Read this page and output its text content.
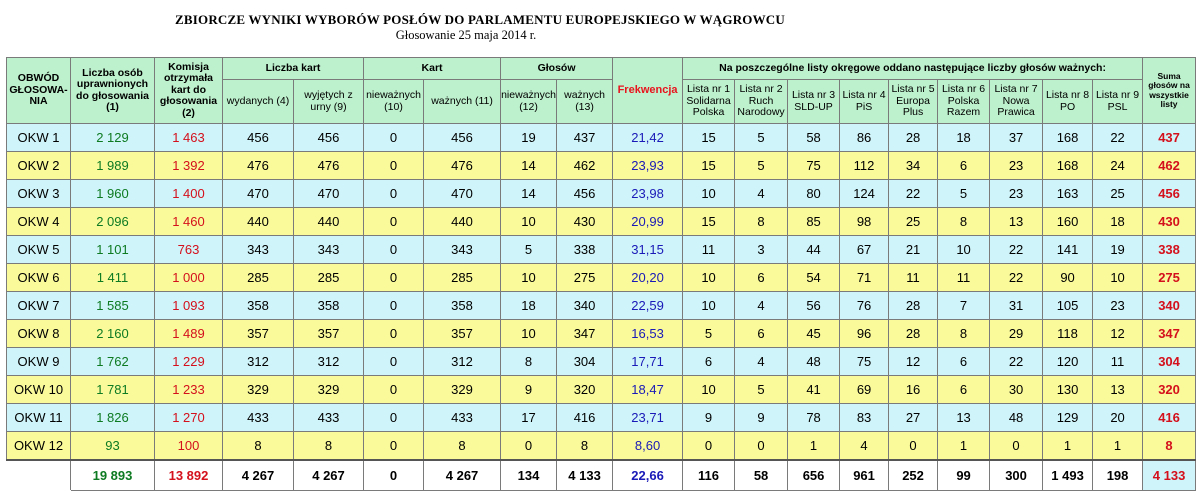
ZBIORCZE WYNIKI WYBORÓW POSŁÓW DO PARLAMENTU EUROPEJSKIEGO W WĄGROWCU
Głosowanie 25 maja 2014 r.
OBWÓD GŁOSOWA-NIA	Liczba osób uprawnionych do głosowania (1)	Komisja otrzymała kart do głosowania (2)	Liczba kart		Kart		Głosów		Frekwencja	Na poszczególne listy okręgowe oddano następujące liczby głosów ważnych:									Suma głosów na wszystkie listy
			wydanych (4)	wyjętych z urny (9)	nieważnych (10)	ważnych (11)	nieważnych (12)	ważnych (13)		Lista nr 1 Solidarna Polska	Lista nr 2 Ruch Narodowy	Lista nr 3 SLD-UP	Lista nr 4 PiS	Lista nr 5 Europa Plus	Lista nr 6 Polska Razem	Lista nr 7 Nowa Prawica	Lista nr 8 PO	Lista nr 9 PSL	
OKW 1	2 129	1 463	456	456	0	456	19	437	21,42	15	5	58	86	28	18	37	168	22	437
OKW 2	1 989	1 392	476	476	0	476	14	462	23,93	15	5	75	112	34	6	23	168	24	462
OKW 3	1 960	1 400	470	470	0	470	14	456	23,98	10	4	80	124	22	5	23	163	25	456
OKW 4	2 096	1 460	440	440	0	440	10	430	20,99	15	8	85	98	25	8	13	160	18	430
OKW 5	1 101	763	343	343	0	343	5	338	31,15	11	3	44	67	21	10	22	141	19	338
OKW 6	1 411	1 000	285	285	0	285	10	275	20,20	10	6	54	71	11	11	22	90	10	275
OKW 7	1 585	1 093	358	358	0	358	18	340	22,59	10	4	56	76	28	7	31	105	23	340
OKW 8	2 160	1 489	357	357	0	357	10	347	16,53	5	6	45	96	28	8	29	118	12	347
OKW 9	1 762	1 229	312	312	0	312	8	304	17,71	6	4	48	75	12	6	22	120	11	304
OKW 10	1 781	1 233	329	329	0	329	9	320	18,47	10	5	41	69	16	6	30	130	13	320
OKW 11	1 826	1 270	433	433	0	433	17	416	23,71	9	9	78	83	27	13	48	129	20	416
OKW 12	93	100	8	8	0	8	0	8	8,60	0	0	1	4	0	1	0	1	1	8
	19 893	13 892	4 267	4 267	0	4 267	134	4 133	22,66	116	58	656	961	252	99	300	1 493	198	4 133
